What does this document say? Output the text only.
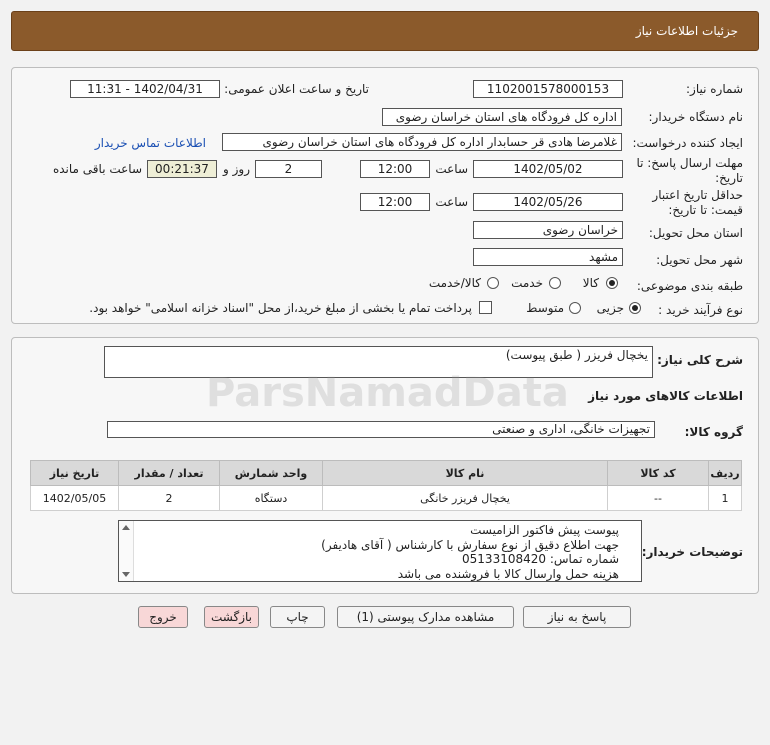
جزئیات اطلاعات نیاز
شماره نیاز:
1102001578000153
تاریخ و ساعت اعلان عمومی:
1402/04/31 - 11:31
نام دستگاه خریدار:
اداره کل فرودگاه های استان خراسان رضوی
ایجاد کننده درخواست:
غلامرضا هادی قر حسابدار اداره کل فرودگاه های استان خراسان رضوی
اطلاعات تماس خریدار
مهلت ارسال پاسخ: تا
تاریخ:
1402/05/02
ساعت
12:00
2
روز و
00:21:37
ساعت باقی مانده
حداقل تاریخ اعتبار
قیمت: تا تاریخ:
1402/05/26
ساعت
12:00
استان محل تحویل:
خراسان رضوی
شهر محل تحویل:
مشهد
طبقه بندی موضوعی:
کالا
خدمت
کالا/خدمت
نوع فرآیند خرید :
جزیی
متوسط
پرداخت تمام یا بخشی از مبلغ خرید،از محل "اسناد خزانه اسلامی" خواهد بود.
شرح کلی نیاز:
یخچال فریزر ( طبق پیوست)
اطلاعات کالاهای مورد نیاز
گروه کالا:
تجهیزات خانگی، اداری و صنعتی
ردیف	کد کالا	نام کالا	واحد شمارش	تعداد / مقدار	تاریخ نیاز
1	--	یخچال فریزر خانگی	دستگاه	2	1402/05/05
توضیحات خریدار:
پیوست پیش فاکتور الزامیست
جهت اطلاع دقیق از نوع سفارش با کارشناس ( آقای هادیفر)
شماره تماس: 05133108420
هزینه حمل وارسال کالا با فروشنده می باشد
ParsNamadData
پاسخ به نیاز
مشاهده مدارک پیوستی (1)
چاپ
بازگشت
خروج
